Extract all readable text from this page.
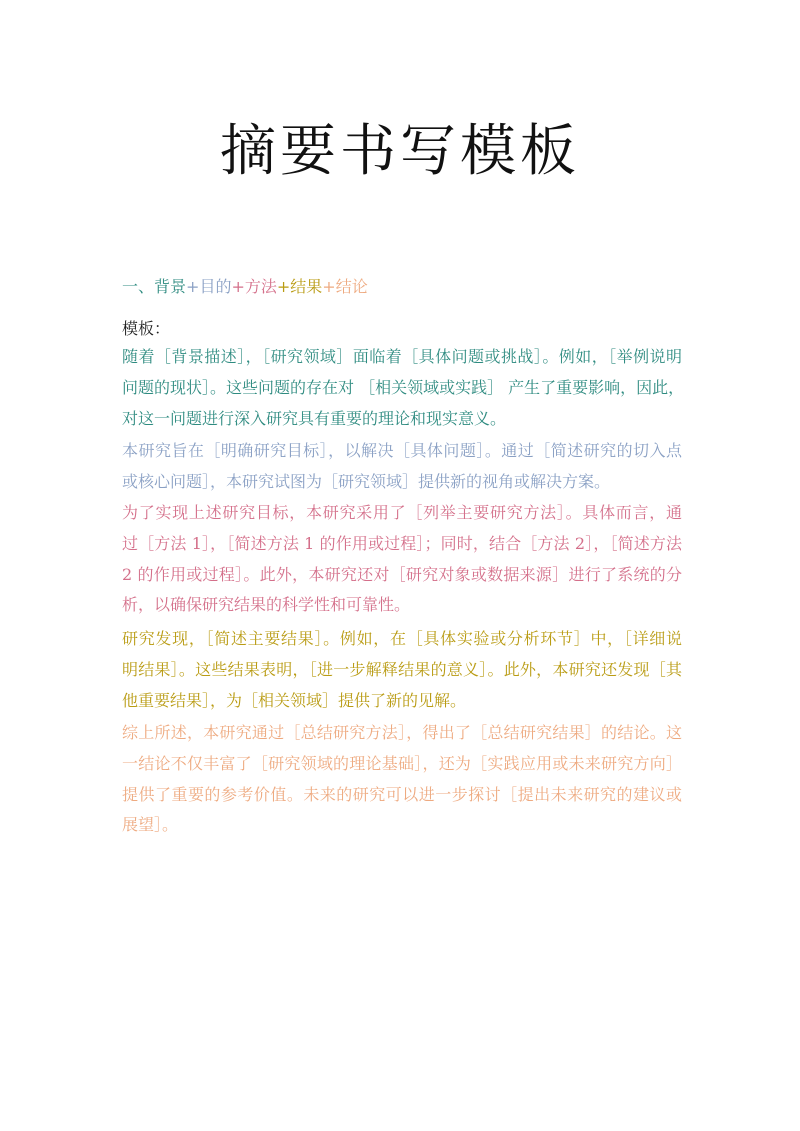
摘要书写模板
一、背景+目的+方法+结果+结论
模板：
随着［背景描述］，［研究领域］面临着［具体问题或挑战］。例如，［举例说明
问题的现状］。这些问题的存在对 ［相关领域或实践］ 产生了重要影响，因此，
对这一问题进行深入研究具有重要的理论和现实意义。
本研究旨在［明确研究目标］，以解决［具体问题］。通过［简述研究的切入点
或核心问题］，本研究试图为［研究领域］提供新的视角或解决方案。
为了实现上述研究目标，本研究采用了［列举主要研究方法］。具体而言，通
过［方法 1］，［简述方法 1 的作用或过程］；同时，结合［方法 2］，［简述方法
2 的作用或过程］。此外，本研究还对［研究对象或数据来源］进行了系统的分
析，以确保研究结果的科学性和可靠性。
研究发现，［简述主要结果］。例如，在［具体实验或分析环节］中，［详细说
明结果］。这些结果表明，［进一步解释结果的意义］。此外，本研究还发现［其
他重要结果］，为［相关领域］提供了新的见解。
综上所述，本研究通过［总结研究方法］，得出了［总结研究结果］的结论。这
一结论不仅丰富了［研究领域的理论基础］，还为［实践应用或未来研究方向］
提供了重要的参考价值。未来的研究可以进一步探讨［提出未来研究的建议或
展望］。
